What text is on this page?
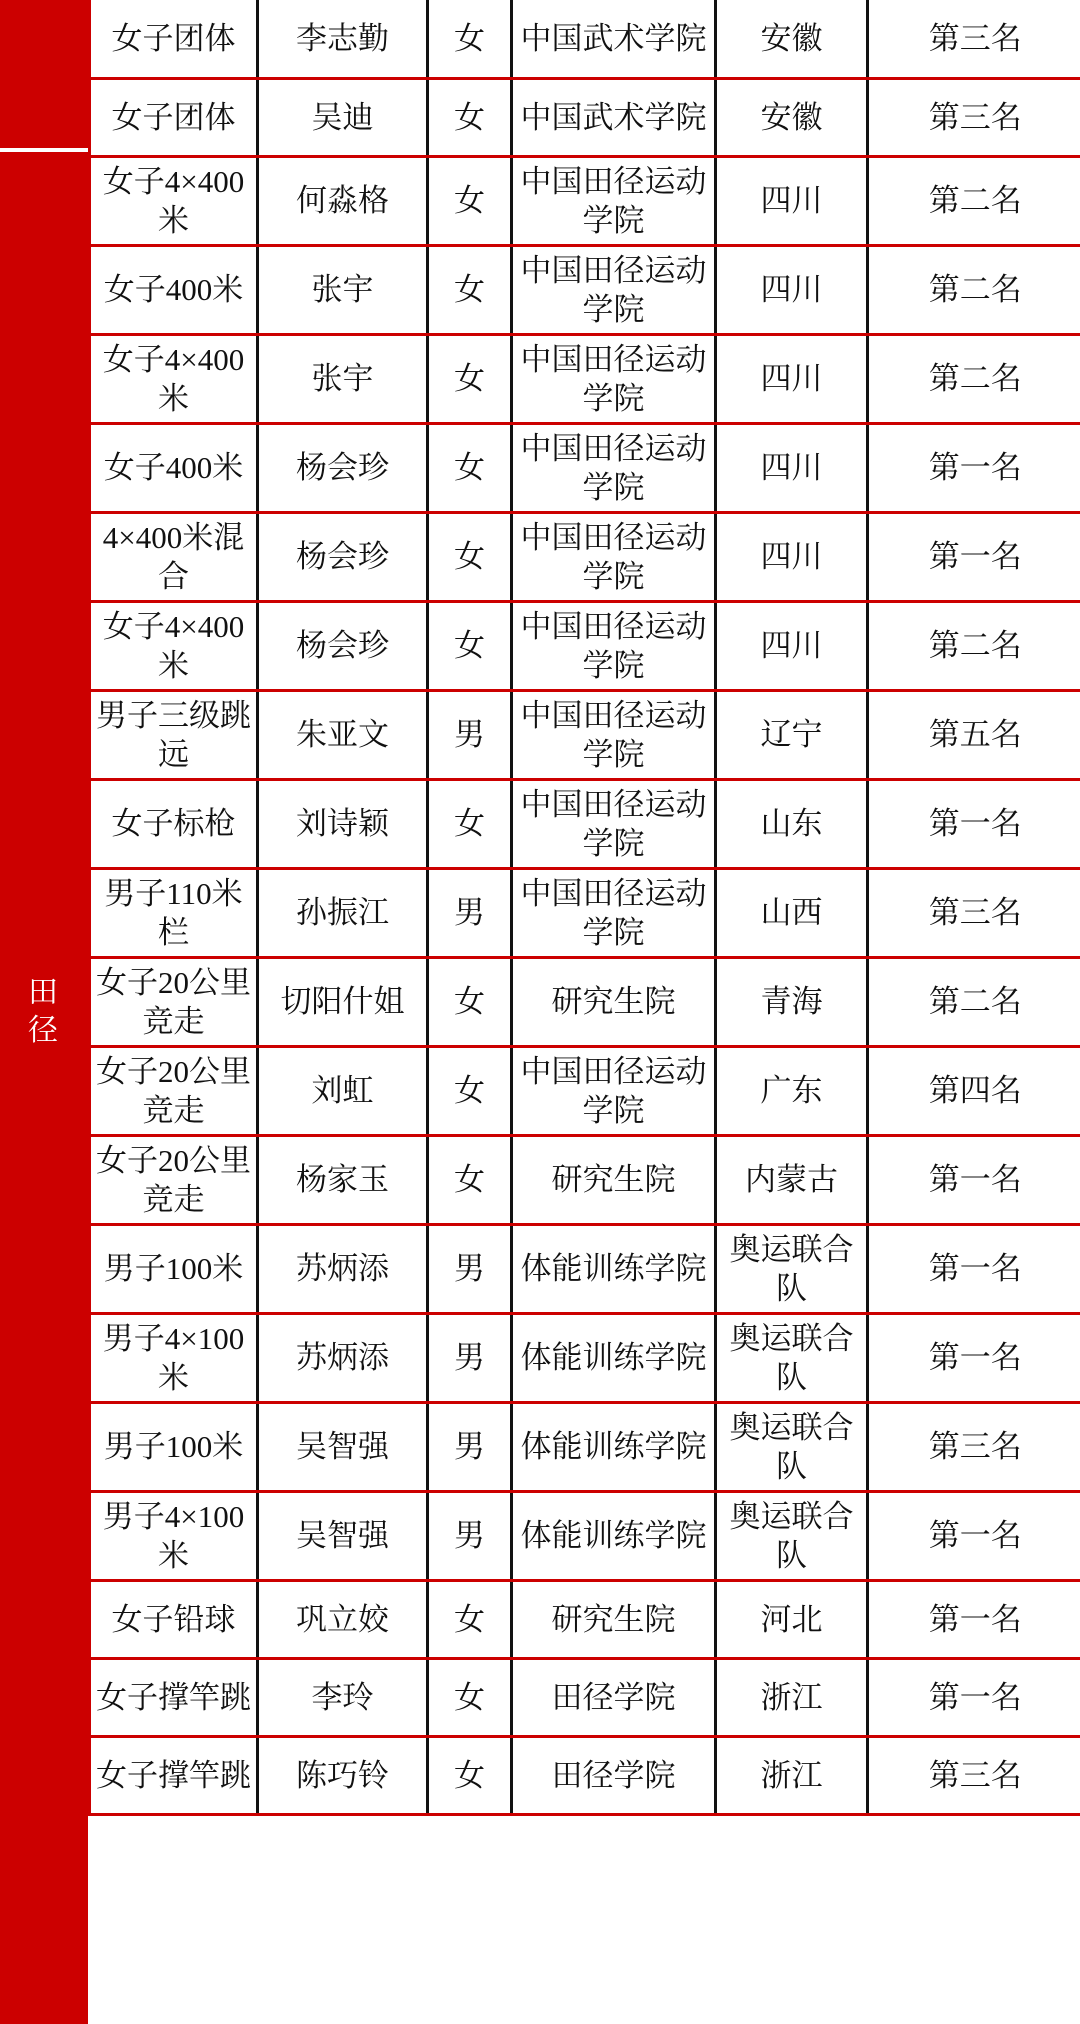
田径
女子团体	李志勤	女	中国武术学院	安徽	第三名
女子团体	吴迪	女	中国武术学院	安徽	第三名
女子4×400米	何淼格	女	中国田径运动学院	四川	第二名
女子400米	张宇	女	中国田径运动学院	四川	第二名
女子4×400米	张宇	女	中国田径运动学院	四川	第二名
女子400米	杨会珍	女	中国田径运动学院	四川	第一名
4×400米混合	杨会珍	女	中国田径运动学院	四川	第一名
女子4×400米	杨会珍	女	中国田径运动学院	四川	第二名
男子三级跳远	朱亚文	男	中国田径运动学院	辽宁	第五名
女子标枪	刘诗颖	女	中国田径运动学院	山东	第一名
男子110米栏	孙振江	男	中国田径运动学院	山西	第三名
女子20公里竞走	切阳什姐	女	研究生院	青海	第二名
女子20公里竞走	刘虹	女	中国田径运动学院	广东	第四名
女子20公里竞走	杨家玉	女	研究生院	内蒙古	第一名
男子100米	苏炳添	男	体能训练学院	奥运联合队	第一名
男子4×100米	苏炳添	男	体能训练学院	奥运联合队	第一名
男子100米	吴智强	男	体能训练学院	奥运联合队	第三名
男子4×100米	吴智强	男	体能训练学院	奥运联合队	第一名
女子铅球	巩立姣	女	研究生院	河北	第一名
女子撑竿跳	李玲	女	田径学院	浙江	第一名
女子撑竿跳	陈巧铃	女	田径学院	浙江	第三名
